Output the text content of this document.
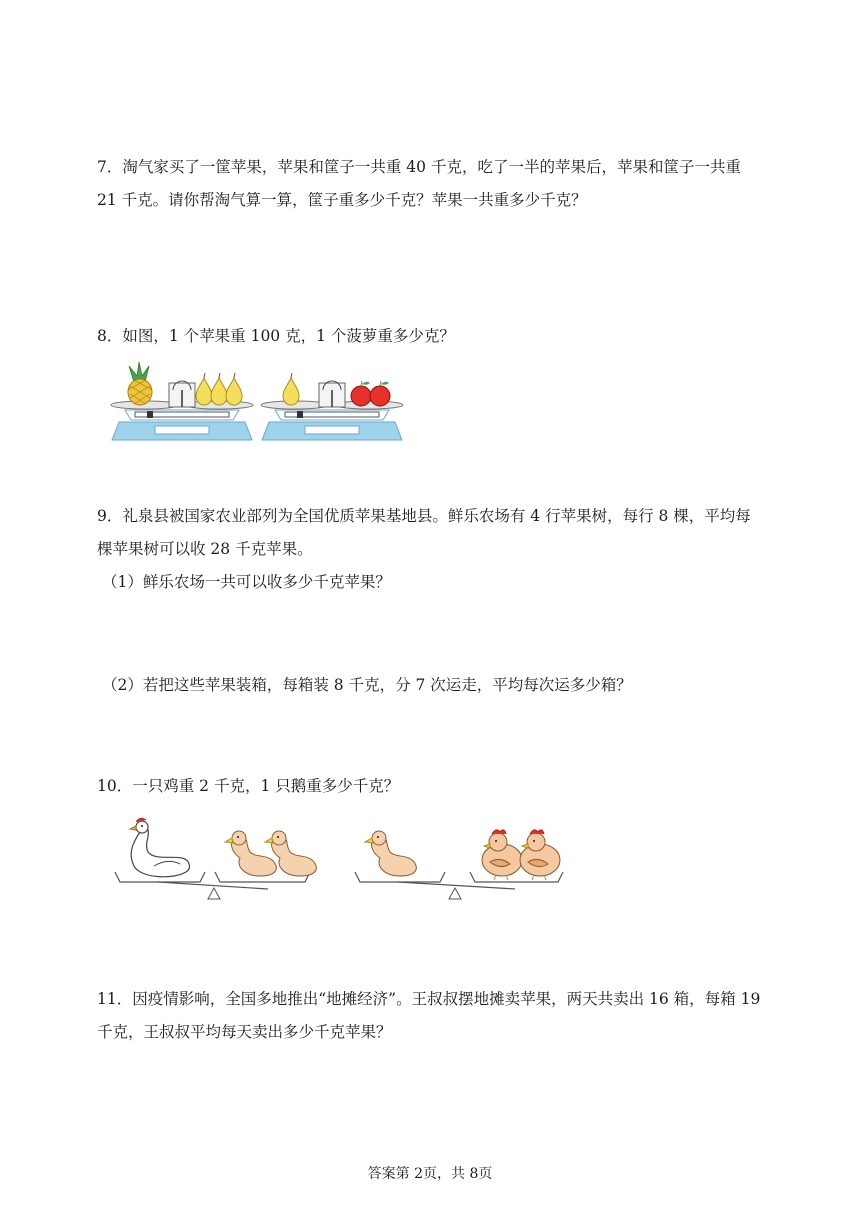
7．淘气家买了一筐苹果，苹果和筐子一共重 40 千克，吃了一半的苹果后，苹果和筐子一共重
21 千克。请你帮淘气算一算，筐子重多少千克？苹果一共重多少千克？
8．如图，1 个苹果重 100 克，1 个菠萝重多少克？
9．礼泉县被国家农业部列为全国优质苹果基地县。鲜乐农场有 4 行苹果树，每行 8 棵，平均每
棵苹果树可以收 28 千克苹果。
（1）鲜乐农场一共可以收多少千克苹果？
（2）若把这些苹果装箱，每箱装 8 千克，分 7 次运走，平均每次运多少箱？
10．一只鸡重 2 千克，1 只鹅重多少千克？
11．因疫情影响，全国多地推出“地摊经济”。王叔叔摆地摊卖苹果，两天共卖出 16 箱，每箱 19
千克，王叔叔平均每天卖出多少千克苹果？
答案第 2页，共 8页
